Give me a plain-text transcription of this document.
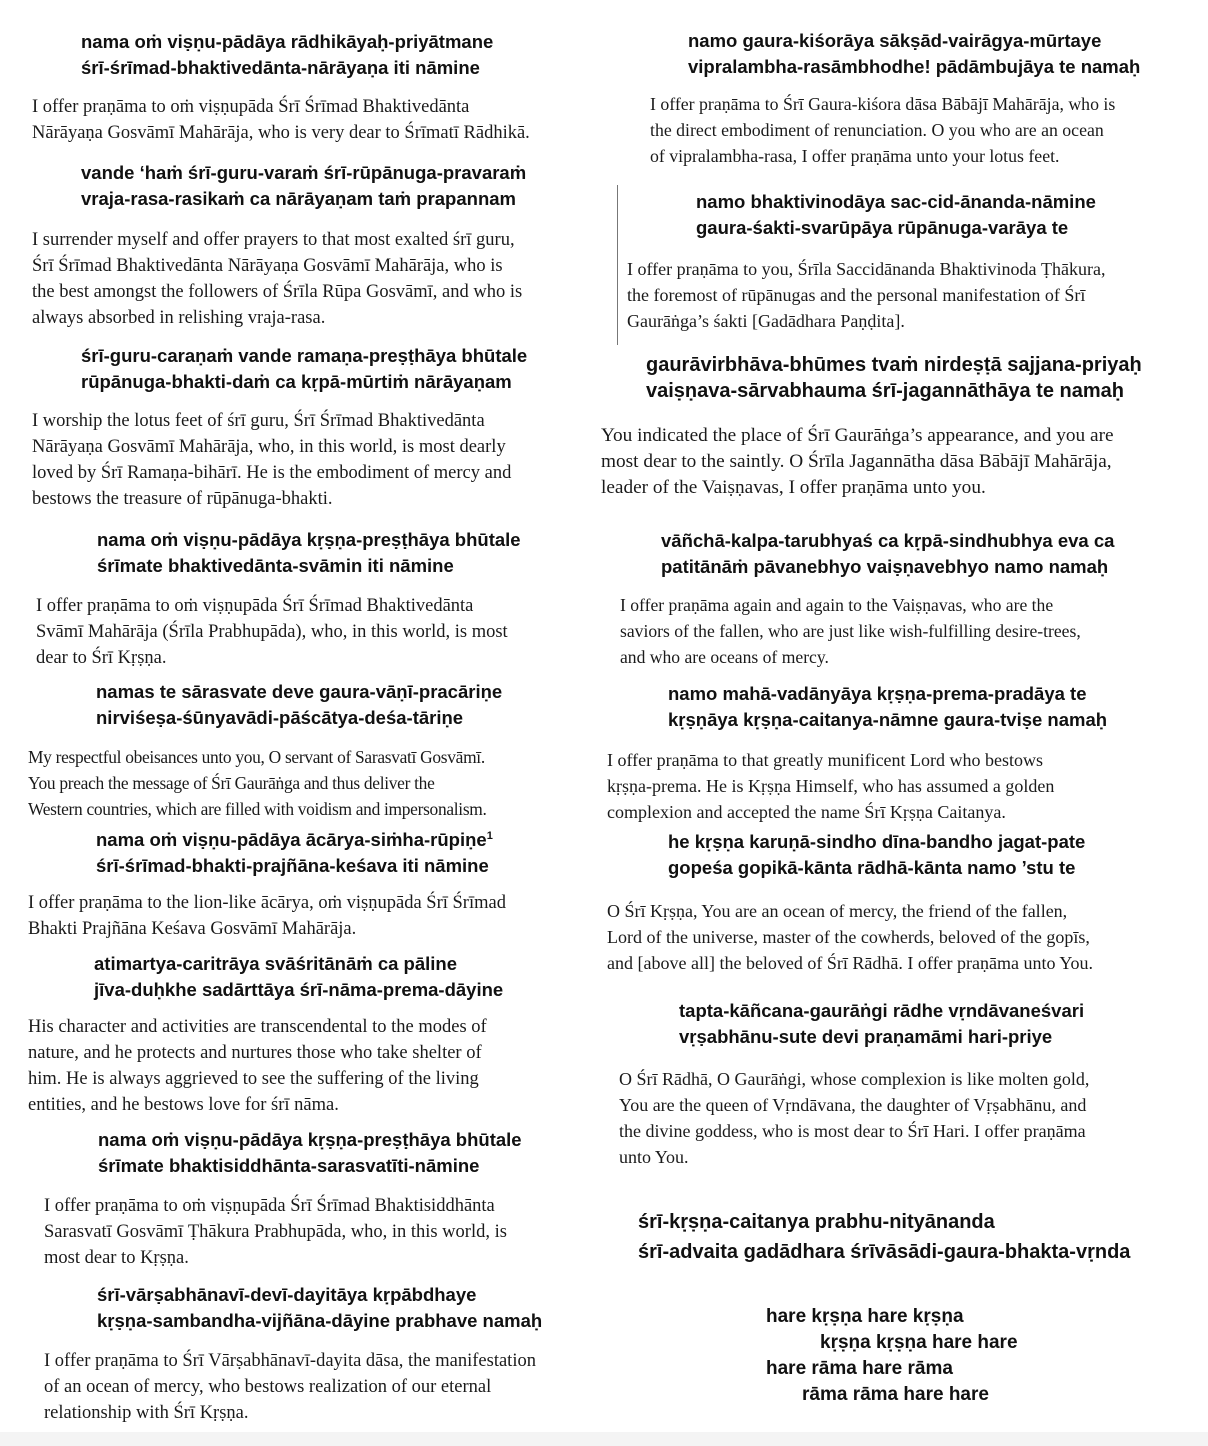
nama oṁ viṣṇu-pādāya rādhikāyaḥ-priyātmane
śrī-śrīmad-bhaktivedānta-nārāyaṇa iti nāmine
I offer praṇāma to oṁ viṣṇupāda Śrī Śrīmad Bhaktivedānta
Nārāyaṇa Gosvāmī Mahārāja, who is very dear to Śrīmatī Rādhikā.
vande ‘haṁ śrī-guru-varaṁ śrī-rūpānuga-pravaraṁ
vraja-rasa-rasikaṁ ca nārāyaṇam taṁ prapannam
I surrender myself and offer prayers to that most exalted śrī guru,
Śrī Śrīmad Bhaktivedānta Nārāyaṇa Gosvāmī Mahārāja, who is
the best amongst the followers of Śrīla Rūpa Gosvāmī, and who is
always absorbed in relishing vraja-rasa.
śrī-guru-caraṇaṁ vande ramaṇa-preṣṭhāya bhūtale
rūpānuga-bhakti-daṁ ca kṛpā-mūrtiṁ nārāyaṇam
I worship the lotus feet of śrī guru, Śrī Śrīmad Bhaktivedānta
Nārāyaṇa Gosvāmī Mahārāja, who, in this world, is most dearly
loved by Śrī Ramaṇa-bihārī. He is the embodiment of mercy and
bestows the treasure of rūpānuga-bhakti.
nama oṁ viṣṇu-pādāya kṛṣṇa-preṣṭhāya bhūtale
śrīmate bhaktivedānta-svāmin iti nāmine
I offer praṇāma to oṁ viṣṇupāda Śrī Śrīmad Bhaktivedānta
Svāmī Mahārāja (Śrīla Prabhupāda), who, in this world, is most
dear to Śrī Kṛṣṇa.
namas te sārasvate deve gaura-vāṇī-pracāriṇe
nirviśeṣa-śūnyavādi-pāścātya-deśa-tāriṇe
My respectful obeisances unto you, O servant of Sarasvatī Gosvāmī.
You preach the message of Śrī Gaurāṅga and thus deliver the
Western countries, which are filled with voidism and impersonalism.
nama oṁ viṣṇu-pādāya ācārya-siṁha-rūpiṇe$^1$
śrī-śrīmad-bhakti-prajñāna-keśava iti nāmine
I offer praṇāma to the lion-like ācārya, oṁ viṣṇupāda Śrī Śrīmad
Bhakti Prajñāna Keśava Gosvāmī Mahārāja.
atimartya-caritrāya svāśritānāṁ ca pāline
jīva-duḥkhe sadārttāya śrī-nāma-prema-dāyine
His character and activities are transcendental to the modes of
nature, and he protects and nurtures those who take shelter of
him. He is always aggrieved to see the suffering of the living
entities, and he bestows love for śrī nāma.
nama oṁ viṣṇu-pādāya kṛṣṇa-preṣṭhāya bhūtale
śrīmate bhaktisiddhānta-sarasvatīti-nāmine
I offer praṇāma to oṁ viṣṇupāda Śrī Śrīmad Bhaktisiddhānta
Sarasvatī Gosvāmī Ṭhākura Prabhupāda, who, in this world, is
most dear to Kṛṣṇa.
śrī-vārṣabhānavī-devī-dayitāya kṛpābdhaye
kṛṣṇa-sambandha-vijñāna-dāyine prabhave namaḥ
I offer praṇāma to Śrī Vārṣabhānavī-dayita dāsa, the manifestation
of an ocean of mercy, who bestows realization of our eternal
relationship with Śrī Kṛṣṇa.
namo gaura-kiśorāya sākṣād-vairāgya-mūrtaye
vipralambha-rasāmbhodhe! pādāmbujāya te namaḥ
I offer praṇāma to Śrī Gaura-kiśora dāsa Bābājī Mahārāja, who is
the direct embodiment of renunciation. O you who are an ocean
of vipralambha-rasa, I offer praṇāma unto your lotus feet.
namo bhaktivinodāya sac-cid-ānanda-nāmine
gaura-śakti-svarūpāya rūpānuga-varāya te
I offer praṇāma to you, Śrīla Saccidānanda Bhaktivinoda Ṭhākura,
the foremost of rūpānugas and the personal manifestation of Śrī
Gaurāṅga’s śakti [Gadādhara Paṇḍita].
gaurāvirbhāva-bhūmes tvaṁ nirdeṣṭā sajjana-priyaḥ
vaiṣṇava-sārvabhauma śrī-jagannāthāya te namaḥ
You indicated the place of Śrī Gaurāṅga’s appearance, and you are
most dear to the saintly. O Śrīla Jagannātha dāsa Bābājī Mahārāja,
leader of the Vaiṣṇavas, I offer praṇāma unto you.
vāñchā-kalpa-tarubhyaś ca kṛpā-sindhubhya eva ca
patitānāṁ pāvanebhyo vaiṣṇavebhyo namo namaḥ
I offer praṇāma again and again to the Vaiṣṇavas, who are the
saviors of the fallen, who are just like wish-fulfilling desire-trees,
and who are oceans of mercy.
namo mahā-vadānyāya kṛṣṇa-prema-pradāya te
kṛṣṇāya kṛṣṇa-caitanya-nāmne gaura-tviṣe namaḥ
I offer praṇāma to that greatly munificent Lord who bestows
kṛṣṇa-prema. He is Kṛṣṇa Himself, who has assumed a golden
complexion and accepted the name Śrī Kṛṣṇa Caitanya.
he kṛṣṇa karuṇā-sindho dīna-bandho jagat-pate
gopeśa gopikā-kānta rādhā-kānta namo ’stu te
O Śrī Kṛṣṇa, You are an ocean of mercy, the friend of the fallen,
Lord of the universe, master of the cowherds, beloved of the gopīs,
and [above all] the beloved of Śrī Rādhā. I offer praṇāma unto You.
tapta-kāñcana-gaurāṅgi rādhe vṛndāvaneśvari
vṛṣabhānu-sute devi praṇamāmi hari-priye
O Śrī Rādhā, O Gaurāṅgi, whose complexion is like molten gold,
You are the queen of Vṛndāvana, the daughter of Vṛṣabhānu, and
the divine goddess, who is most dear to Śrī Hari. I offer praṇāma
unto You.
śrī-kṛṣṇa-caitanya prabhu-nityānanda
śrī-advaita gadādhara śrīvāsādi-gaura-bhakta-vṛnda
hare kṛṣṇa hare kṛṣṇa
kṛṣṇa kṛṣṇa hare hare
hare rāma hare rāma
rāma rāma hare hare
